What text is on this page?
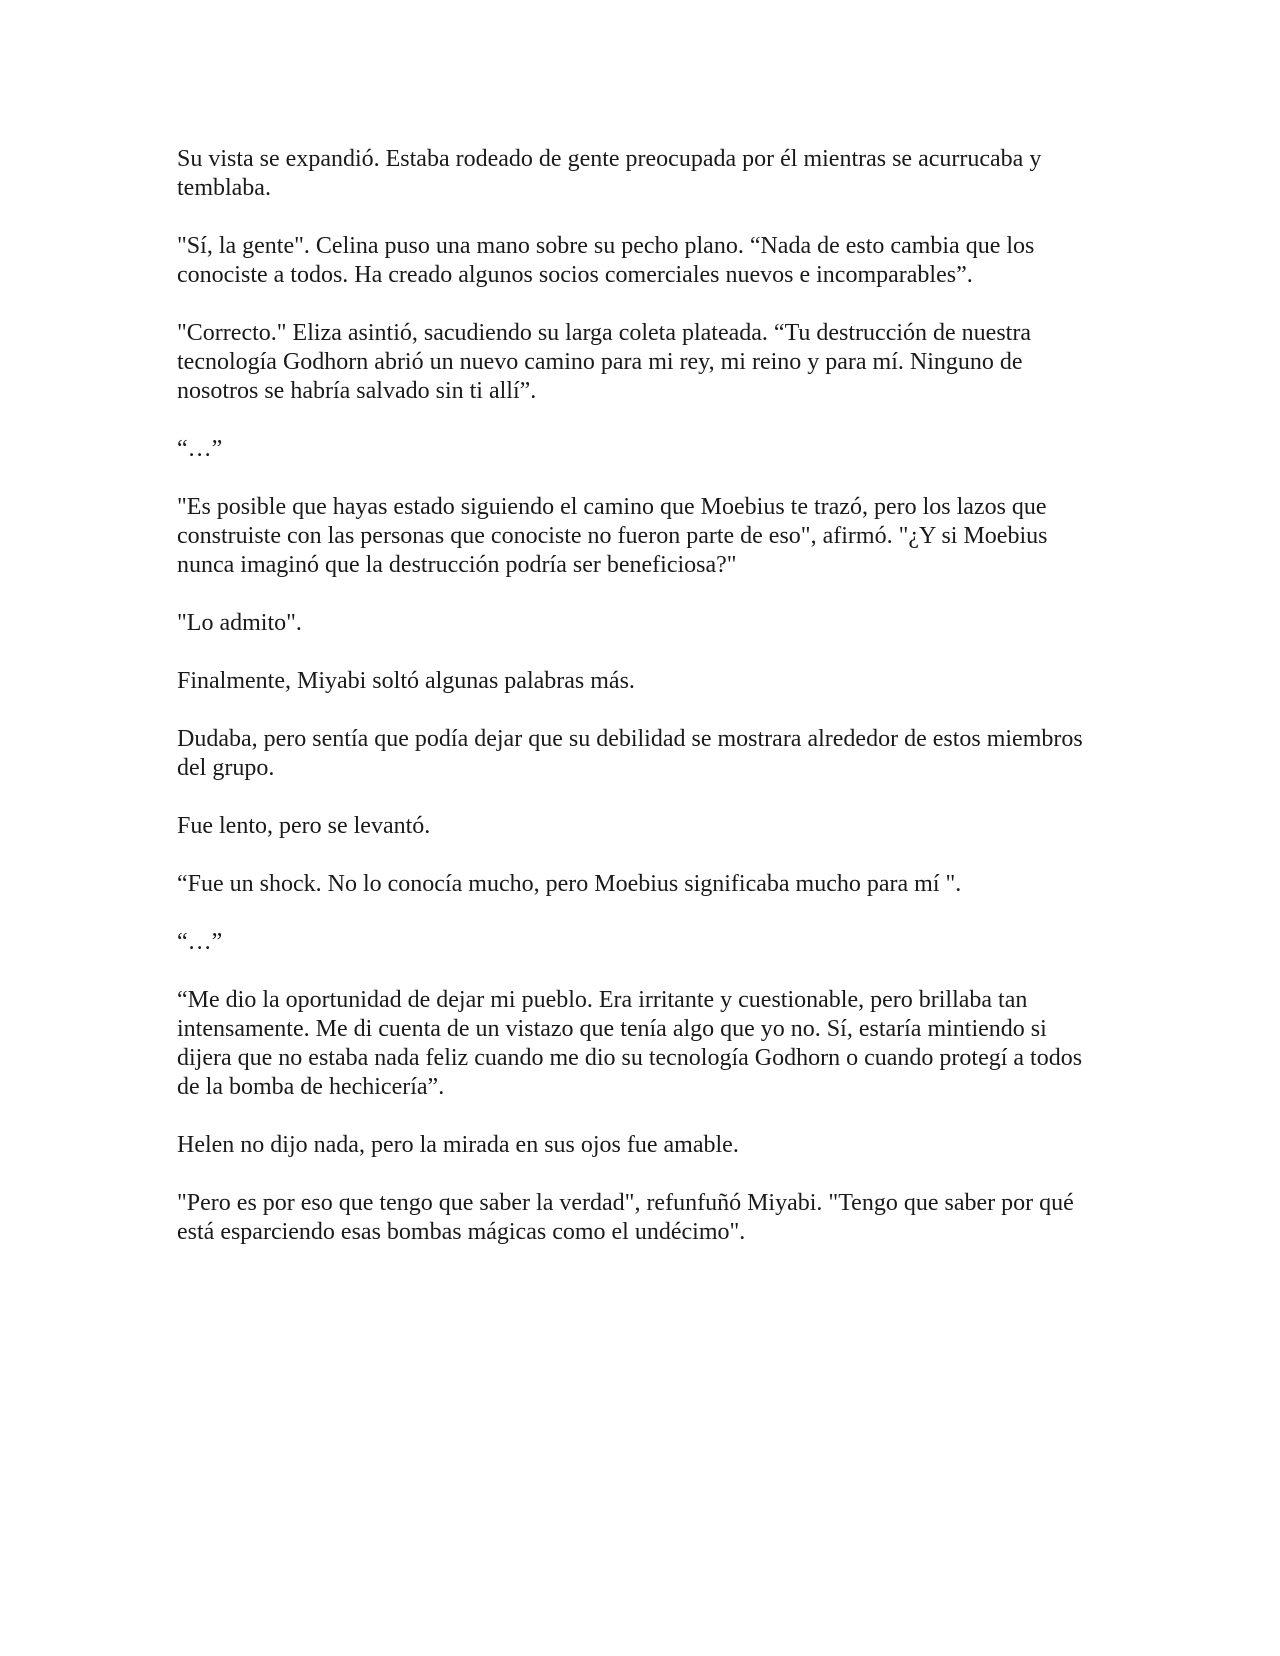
Su vista se expandió. Estaba rodeado de gente preocupada por él mientras se acurrucaba y temblaba.

"Sí, la gente". Celina puso una mano sobre su pecho plano. “Nada de esto cambia que los conociste a todos. Ha creado algunos socios comerciales nuevos e incomparables”.

"Correcto." Eliza asintió, sacudiendo su larga coleta plateada. “Tu destrucción de nuestra tecnología Godhorn abrió un nuevo camino para mi rey, mi reino y para mí. Ninguno de nosotros se habría salvado sin ti allí”.

“…”

"Es posible que hayas estado siguiendo el camino que Moebius te trazó, pero los lazos que construiste con las personas que conociste no fueron parte de eso", afirmó. "¿Y si Moebius nunca imaginó que la destrucción podría ser beneficiosa?"

"Lo admito".

Finalmente, Miyabi soltó algunas palabras más.

Dudaba, pero sentía que podía dejar que su debilidad se mostrara alrededor de estos miembros del grupo.

Fue lento, pero se levantó.

“Fue un shock. No lo conocía mucho, pero Moebius significaba mucho para mí ".

“…”

“Me dio la oportunidad de dejar mi pueblo. Era irritante y cuestionable, pero brillaba tan intensamente. Me di cuenta de un vistazo que tenía algo que yo no. Sí, estaría mintiendo si dijera que no estaba nada feliz cuando me dio su tecnología Godhorn o cuando protegí a todos de la bomba de hechicería”.

Helen no dijo nada, pero la mirada en sus ojos fue amable.

"Pero es por eso que tengo que saber la verdad", refunfuñó Miyabi. "Tengo que saber por qué está esparciendo esas bombas mágicas como el undécimo".
